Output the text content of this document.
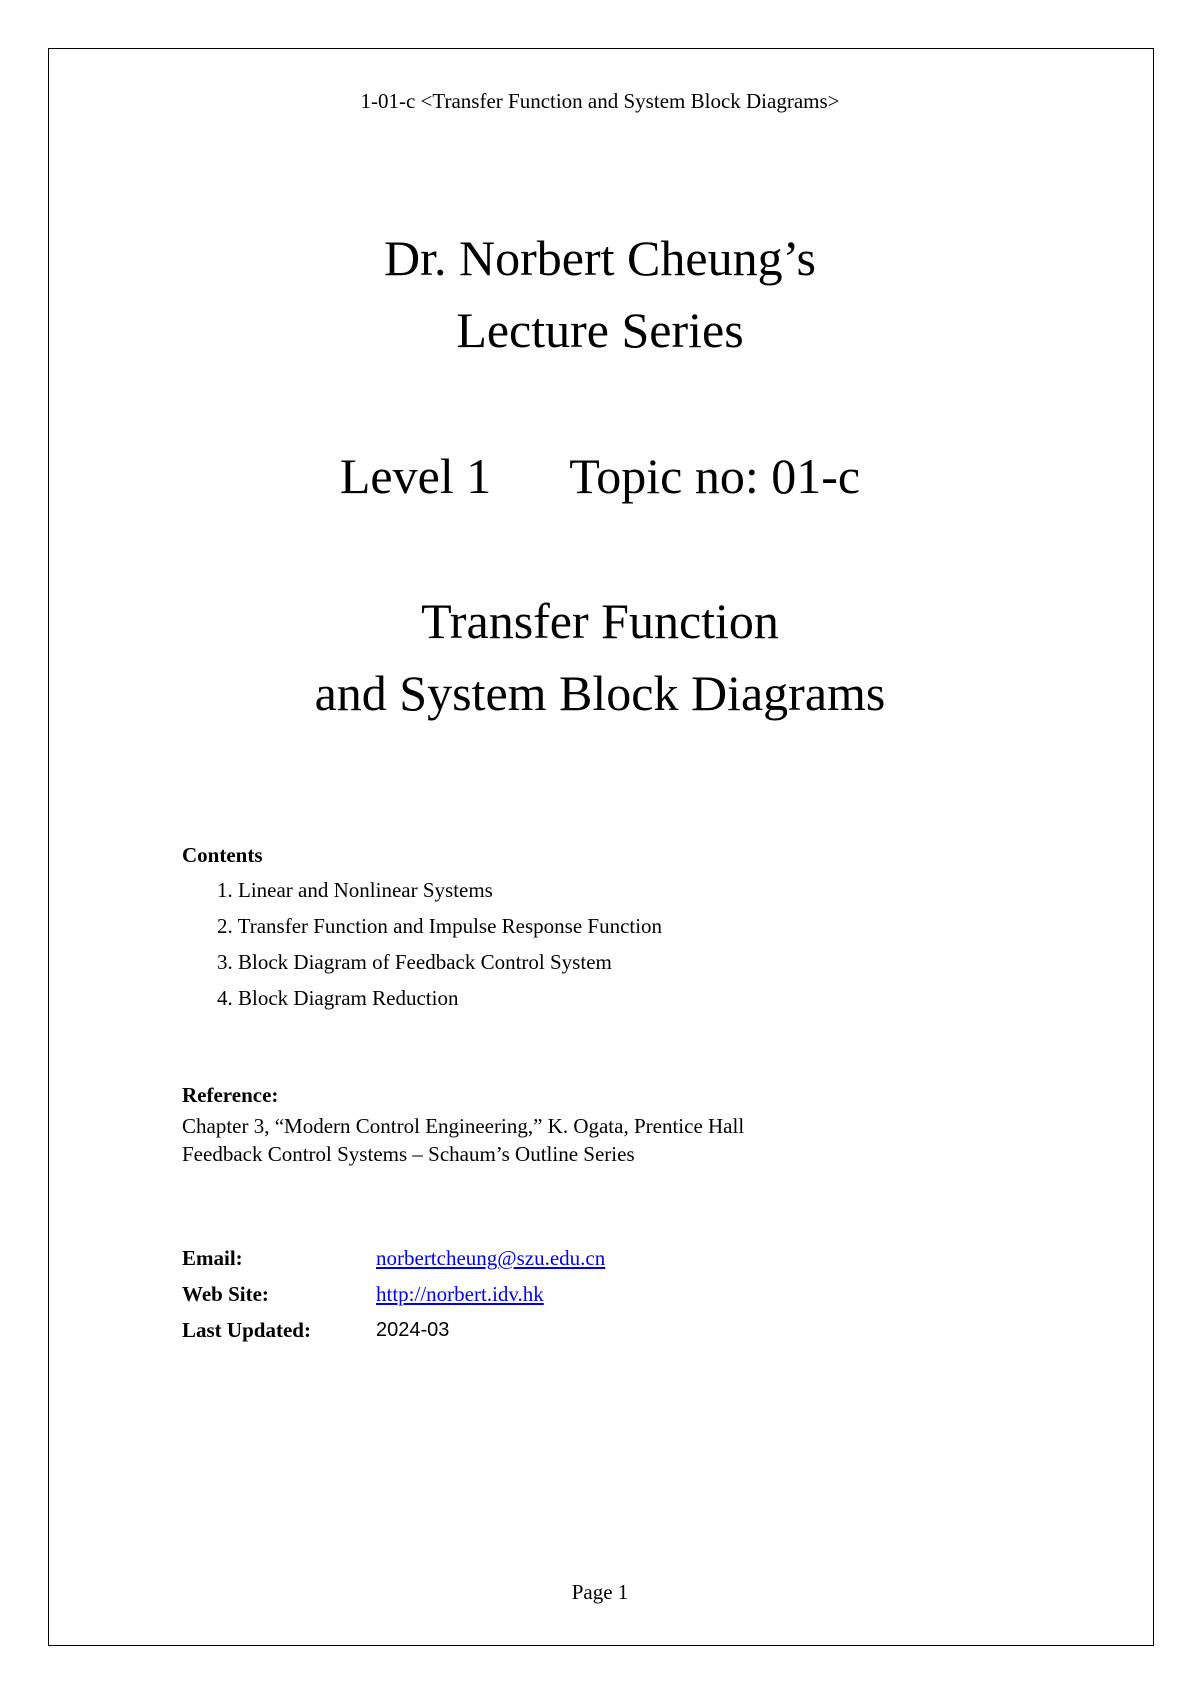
1-01-c <Transfer Function and System Block Diagrams>
Dr. Norbert Cheung’s
Lecture Series
Level 1 Topic no: 01-c
Transfer Function
and System Block Diagrams
Contents
1. Linear and Nonlinear Systems
2. Transfer Function and Impulse Response Function
3. Block Diagram of Feedback Control System
4. Block Diagram Reduction
Reference:
Chapter 3, “Modern Control Engineering,” K. Ogata, Prentice Hall
Feedback Control Systems – Schaum’s Outline Series
Email:	norbertcheung@szu.edu.cn
Web Site:	http://norbert.idv.hk
Last Updated:	2024-03
Page 1
